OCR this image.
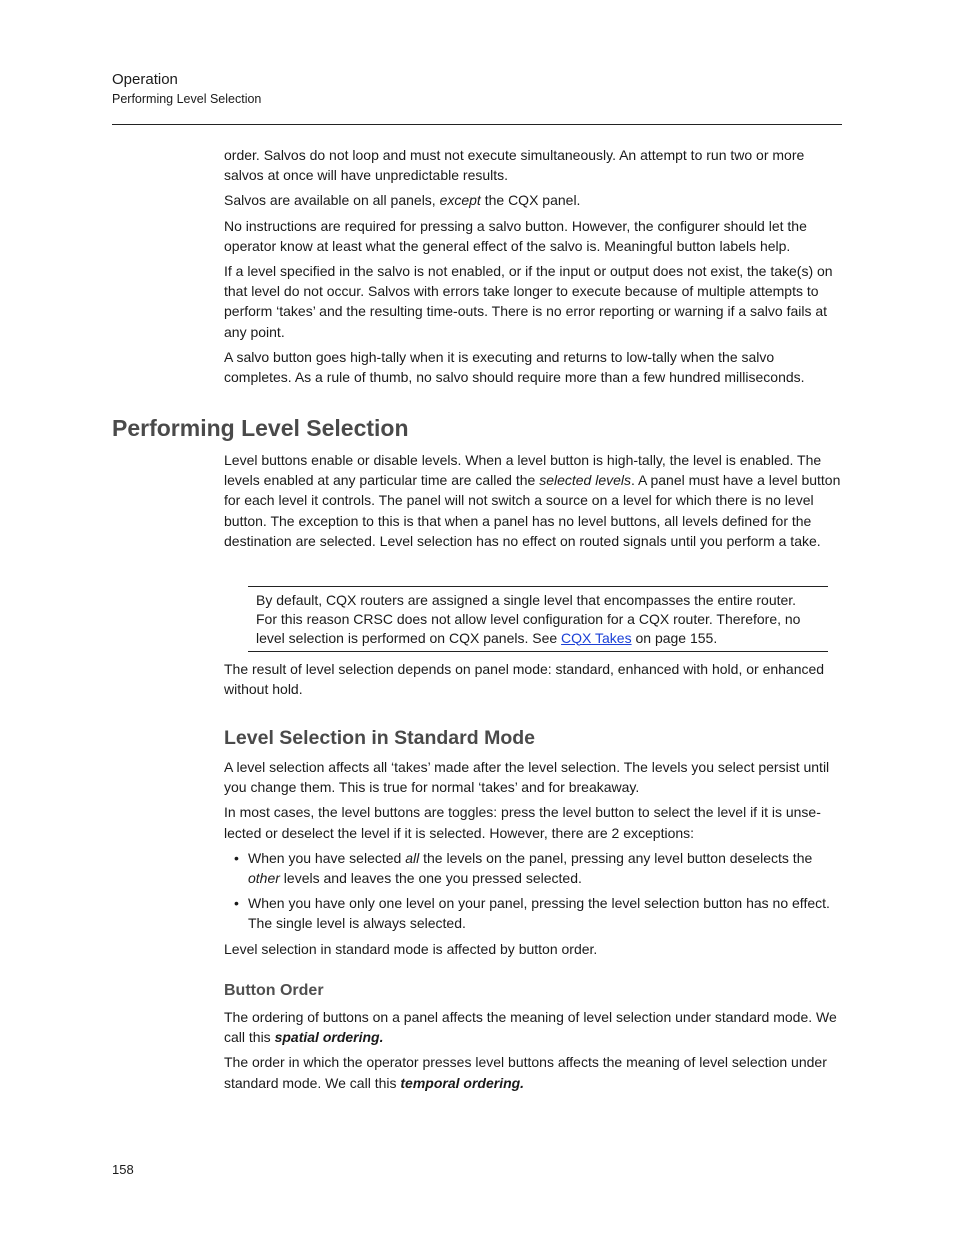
Operation
Performing Level Selection

order. Salvos do not loop and must not execute simultaneously. An attempt to run two or more salvos at once will have unpredictable results.

Salvos are available on all panels, except the CQX panel.

No instructions are required for pressing a salvo button. However, the configurer should let the operator know at least what the general effect of the salvo is. Meaningful button labels help.

If a level specified in the salvo is not enabled, or if the input or output does not exist, the take(s) on that level do not occur. Salvos with errors take longer to execute because of multiple attempts to perform ‘takes’ and the resulting time-outs. There is no error reporting or warning if a salvo fails at any point.

A salvo button goes high-tally when it is executing and returns to low-tally when the salvo completes. As a rule of thumb, no salvo should require more than a few hundred milliseconds.

Performing Level Selection

Level buttons enable or disable levels. When a level button is high-tally, the level is enabled. The levels enabled at any particular time are called the selected levels. A panel must have a level button for each level it controls. The panel will not switch a source on a level for which there is no level button. The exception to this is that when a panel has no level buttons, all levels defined for the destination are selected. Level selection has no effect on routed signals until you perform a take.

By default, CQX routers are assigned a single level that encompasses the entire router. For this reason CRSC does not allow level configuration for a CQX router. Therefore, no level selection is performed on CQX panels. See CQX Takes on page 155.

The result of level selection depends on panel mode: standard, enhanced with hold, or enhanced without hold.

Level Selection in Standard Mode

A level selection affects all ‘takes’ made after the level selection. The levels you select persist until you change them. This is true for normal ‘takes’ and for breakaway.

In most cases, the level buttons are toggles: press the level button to select the level if it is unse-lected or deselect the level if it is selected. However, there are 2 exceptions:

• When you have selected all the levels on the panel, pressing any level button deselects the other levels and leaves the one you pressed selected.
• When you have only one level on your panel, pressing the level selection button has no effect. The single level is always selected.

Level selection in standard mode is affected by button order.

Button Order

The ordering of buttons on a panel affects the meaning of level selection under standard mode. We call this spatial ordering.

The order in which the operator presses level buttons affects the meaning of level selection under standard mode. We call this temporal ordering.

158
